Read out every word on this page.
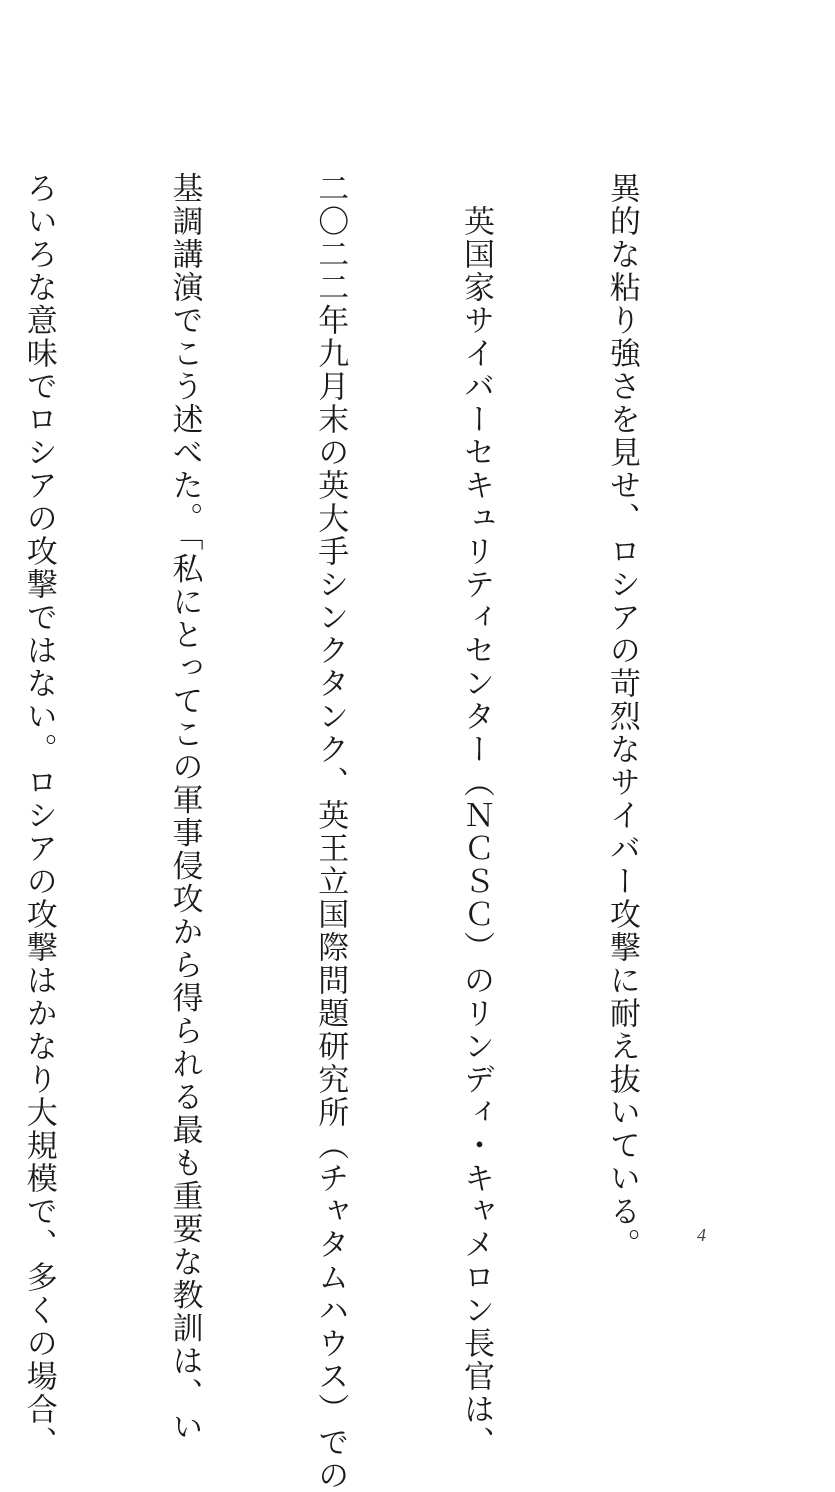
異的な粘り強さを見せ、ロシアの苛烈なサイバー攻撃に耐え抜いている。

　英国家サイバーセキュリティセンター（ＮＣＳＣ）のリンディ・キャメロン長官は、

二〇二二年九月末の英大手シンクタンク、英王立国際問題研究所（チャタムハウス）での

基調講演でこう述べた。「私にとってこの軍事侵攻から得られる最も重要な教訓は、い

ろいろな意味でロシアの攻撃ではない。ロシアの攻撃はかなり大規模で、多くの場合、

	4
